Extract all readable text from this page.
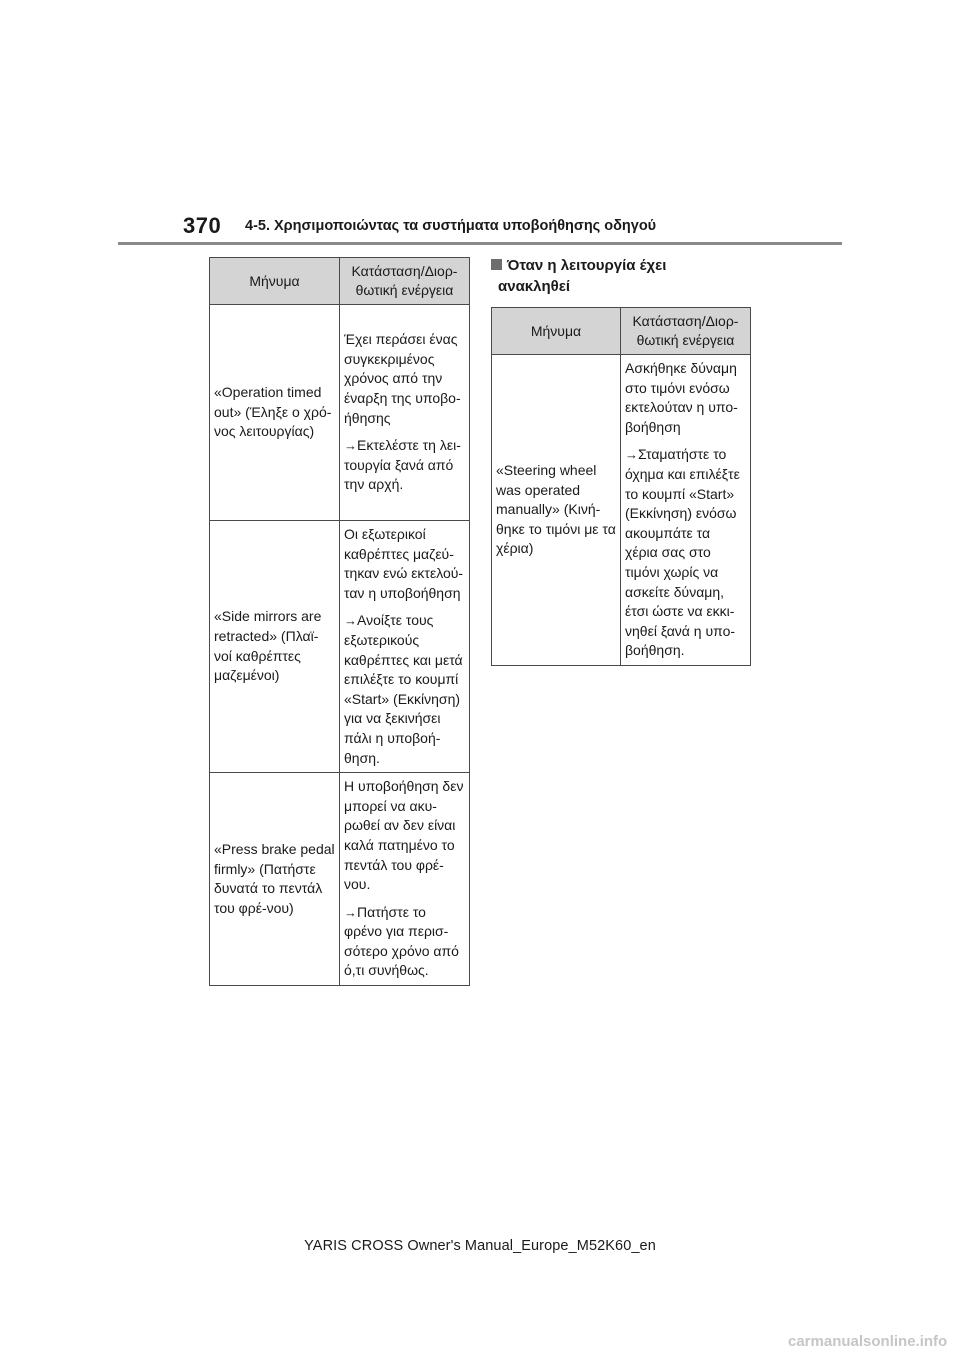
370 4-5. Χρησιμοποιώντας τα συστήματα υποβοήθησης οδηγού
Μήνυμα	Κατάσταση/Διορ-
θωτική ενέργεια
«Operation timed out» (Έληξε ο χρό-νος λειτουργίας)	Έχει περάσει ένας συγκεκριμένος χρόνος από την έναρξη της υποβο-ήθησης

→Εκτελέστε τη λει-τουργία ξανά από την αρχή.

«Side mirrors are retracted» (Πλαϊ-νοί καθρέπτες μαζεμένοι)	Οι εξωτερικοί καθρέπτες μαζεύ-τηκαν ενώ εκτελού-ταν η υποβοήθηση

→Ανοίξτε τους εξωτερικούς καθρέπτες και μετά επιλέξτε το κουμπί «Start» (Εκκίνηση) για να ξεκινήσει πάλι η υποβοή-θηση.

«Press brake pedal firmly» (Πατήστε δυνατά το πεντάλ του φρέ-νου)	Η υποβοήθηση δεν μπορεί να ακυ-ρωθεί αν δεν είναι καλά πατημένο το πεντάλ του φρέ-νου.

→Πατήστε το φρένο για περισ-σότερο χρόνο από ό,τι συνήθως.

Όταν η λειτουργία έχει
ανακληθεί
Μήνυμα	Κατάσταση/Διορ-
θωτική ενέργεια
«Steering wheel was operated manually» (Κινή-θηκε το τιμόνι με τα χέρια)	Ασκήθηκε δύναμη στο τιμόνι ενόσω εκτελούταν η υπο-βοήθηση

→Σταματήστε το όχημα και επιλέξτε το κουμπί «Start» (Εκκίνηση) ενόσω ακουμπάτε τα χέρια σας στο τιμόνι χωρίς να ασκείτε δύναμη, έτσι ώστε να εκκι-νηθεί ξανά η υπο-βοήθηση.

YARIS CROSS Owner's Manual_Europe_M52K60_en
carmanualsonline.info
